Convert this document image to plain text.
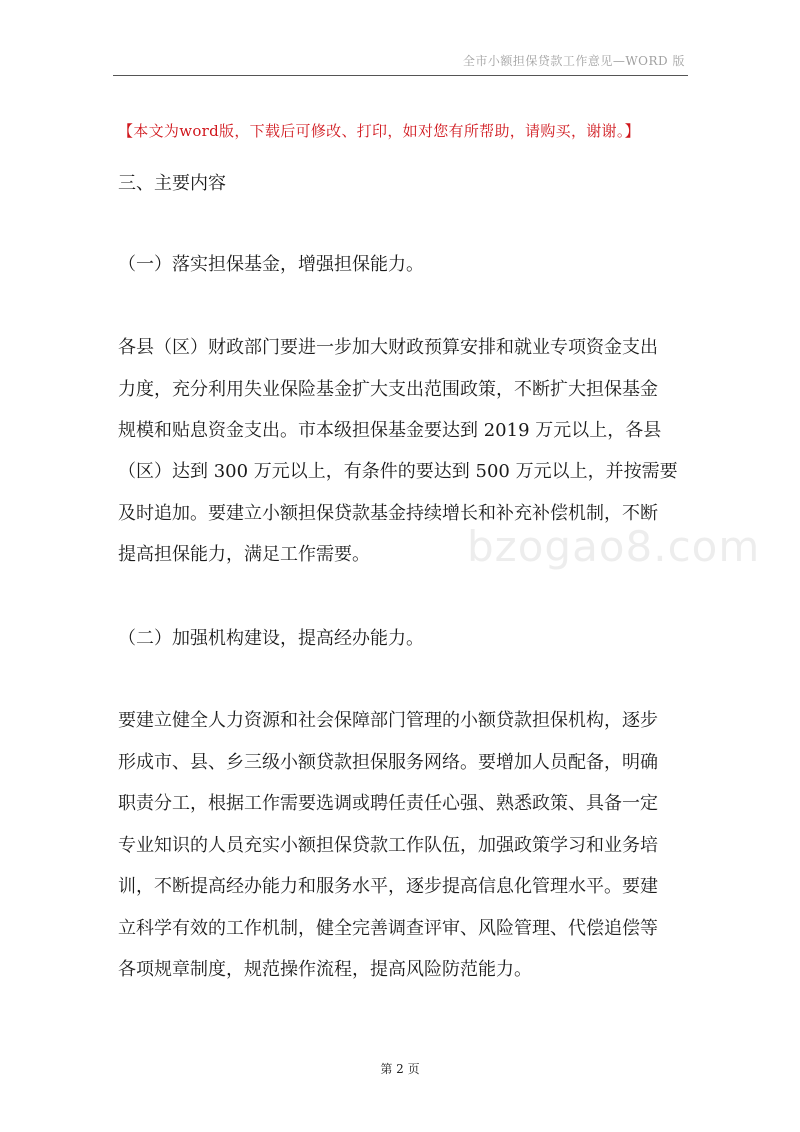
全市小额担保贷款工作意见—WORD 版
【本文为word版，下载后可修改、打印，如对您有所帮助，请购买，谢谢。】
三、主要内容
（一）落实担保基金，增强担保能力。
各县（区）财政部门要进一步加大财政预算安排和就业专项资金支出
力度，充分利用失业保险基金扩大支出范围政策，不断扩大担保基金
规模和贴息资金支出。市本级担保基金要达到 2019 万元以上，各县
（区）达到 300 万元以上，有条件的要达到 500 万元以上，并按需要
及时追加。要建立小额担保贷款基金持续增长和补充补偿机制，不断
提高担保能力，满足工作需要。 bzogao8.com
（二）加强机构建设，提高经办能力。
要建立健全人力资源和社会保障部门管理的小额贷款担保机构，逐步
形成市、县、乡三级小额贷款担保服务网络。要增加人员配备，明确
职责分工，根据工作需要选调或聘任责任心强、熟悉政策、具备一定
专业知识的人员充实小额担保贷款工作队伍，加强政策学习和业务培
训，不断提高经办能力和服务水平，逐步提高信息化管理水平。要建
立科学有效的工作机制，健全完善调查评审、风险管理、代偿追偿等
各项规章制度，规范操作流程，提高风险防范能力。
第 2 页
